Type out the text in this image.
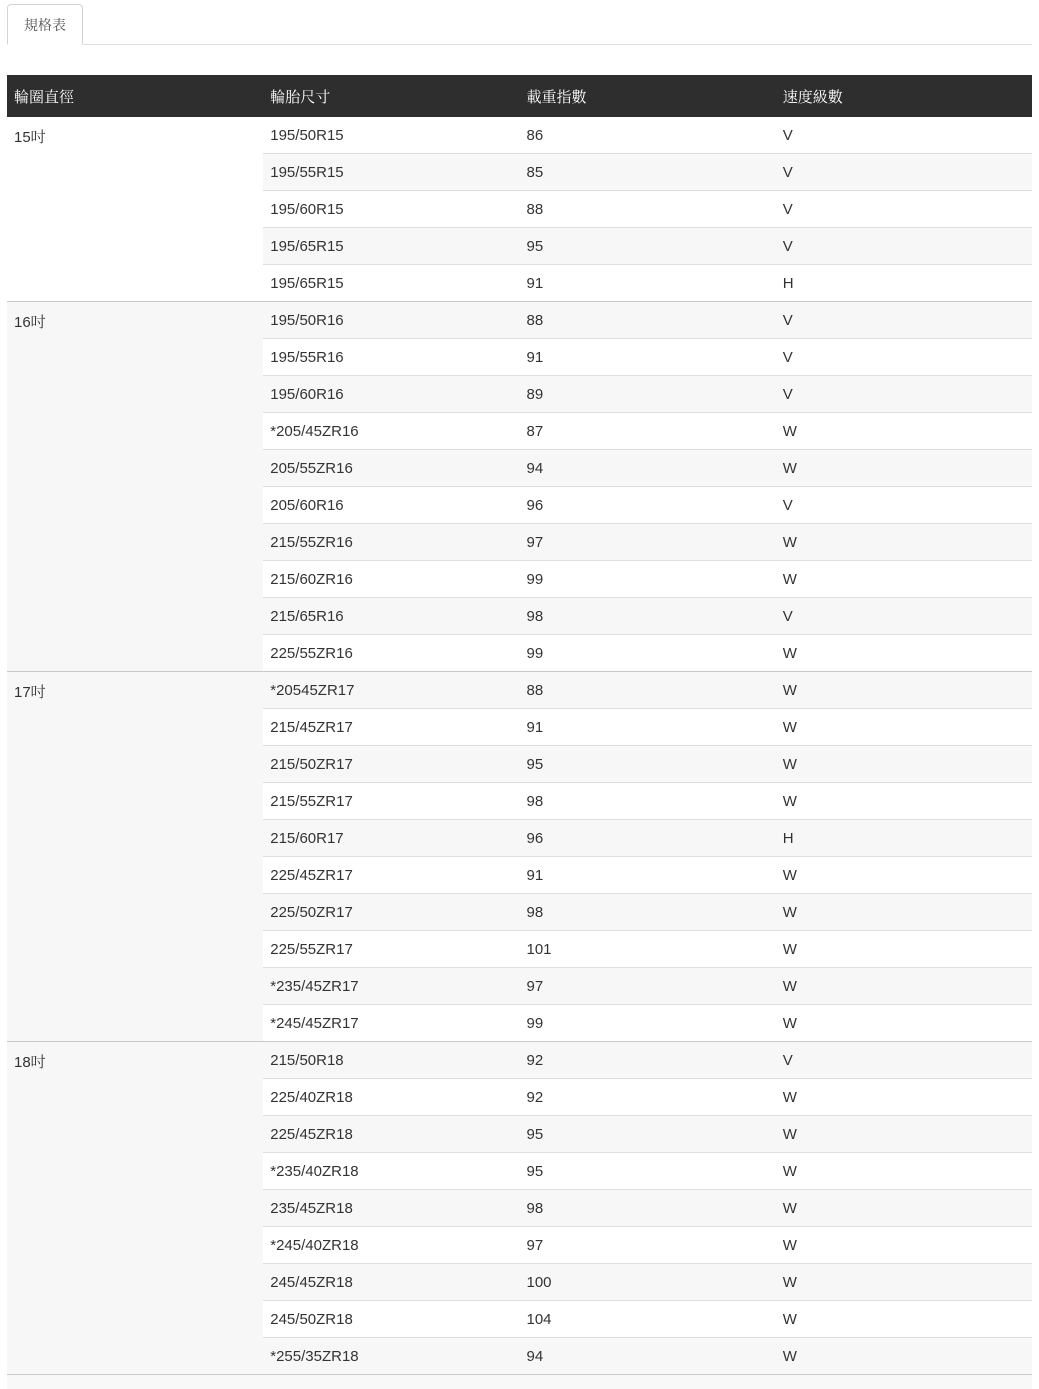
規格表
輪圈直徑	輪胎尺寸	載重指數	速度級數
15吋	195/50R15	86	V
	195/55R15	85	V
	195/60R15	88	V
	195/65R15	95	V
	195/65R15	91	H
16吋	195/50R16	88	V
	195/55R16	91	V
	195/60R16	89	V
	*205/45ZR16	87	W
	205/55ZR16	94	W
	205/60R16	96	V
	215/55ZR16	97	W
	215/60ZR16	99	W
	215/65R16	98	V
	225/55ZR16	99	W
17吋	*20545ZR17	88	W
	215/45ZR17	91	W
	215/50ZR17	95	W
	215/55ZR17	98	W
	215/60R17	96	H
	225/45ZR17	91	W
	225/50ZR17	98	W
	225/55ZR17	101	W
	*235/45ZR17	97	W
	*245/45ZR17	99	W
18吋	215/50R18	92	V
	225/40ZR18	92	W
	225/45ZR18	95	W
	*235/40ZR18	95	W
	235/45ZR18	98	W
	*245/40ZR18	97	W
	245/45ZR18	100	W
	245/50ZR18	104	W
	*255/35ZR18	94	W
